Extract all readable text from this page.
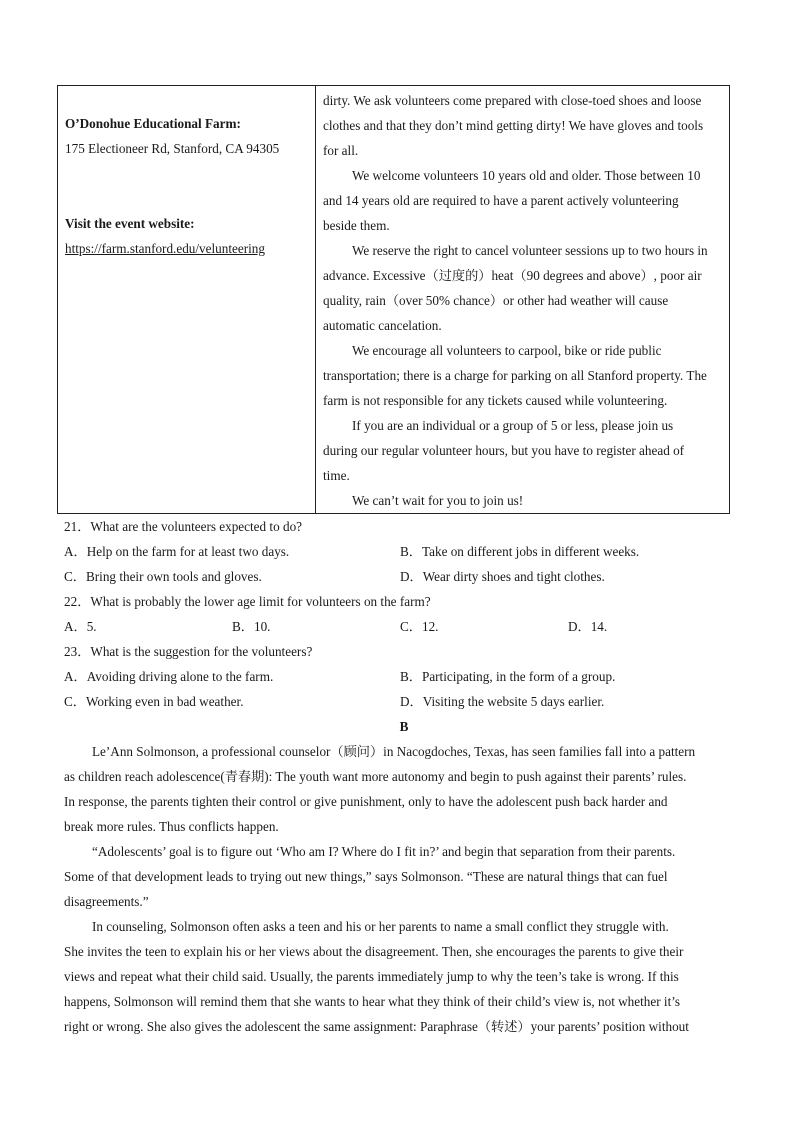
O’Donohue Educational Farm:
175 Electioneer Rd, Stanford, CA 94305
Visit the event website:
https://farm.stanford.edu/velunteering

dirty. We ask volunteers come prepared with close-toed shoes and loose
clothes and that they don’t mind getting dirty! We have gloves and tools
for all.
We welcome volunteers 10 years old and older. Those between 10
and 14 years old are required to have a parent actively volunteering
beside them.
We reserve the right to cancel volunteer sessions up to two hours in
advance. Excessive（过度的）heat（90 degrees and above）, poor air
quality, rain（over 50% chance）or other had weather will cause
automatic cancelation.
We encourage all volunteers to carpool, bike or ride public
transportation; there is a charge for parking on all Stanford property. The
farm is not responsible for any tickets caused while volunteering.
If you are an individual or a group of 5 or less, please join us
during our regular volunteer hours, but you have to register ahead of
time.
We can’t wait for you to join us!
21．What are the volunteers expected to do?
A．Help on the farm for at least two days.	B．Take on different jobs in different weeks.
C．Bring their own tools and gloves.	D．Wear dirty shoes and tight clothes.
22．What is probably the lower age limit for volunteers on the farm?
A．5.	B．10.	C．12.	D．14.
23．What is the suggestion for the volunteers?
A．Avoiding driving alone to the farm.	B．Participating, in the form of a group.
C．Working even in bad weather.	D．Visiting the website 5 days earlier.
B
Le’Ann Solmonson, a professional counselor（顾问）in Nacogdoches, Texas, has seen families fall into a pattern
as children reach adolescence(青春期): The youth want more autonomy and begin to push against their parents’ rules.
In response, the parents tighten their control or give punishment, only to have the adolescent push back harder and
break more rules. Thus conflicts happen.
“Adolescents’ goal is to figure out ‘Who am I? Where do I fit in?’ and begin that separation from their parents.
Some of that development leads to trying out new things,” says Solmonson. “These are natural things that can fuel
disagreements.”
In counseling, Solmonson often asks a teen and his or her parents to name a small conflict they struggle with.
She invites the teen to explain his or her views about the disagreement. Then, she encourages the parents to give their
views and repeat what their child said. Usually, the parents immediately jump to why the teen’s take is wrong. If this
happens, Solmonson will remind them that she wants to hear what they think of their child’s view is, not whether it’s
right or wrong. She also gives the adolescent the same assignment: Paraphrase（转述）your parents’ position without
